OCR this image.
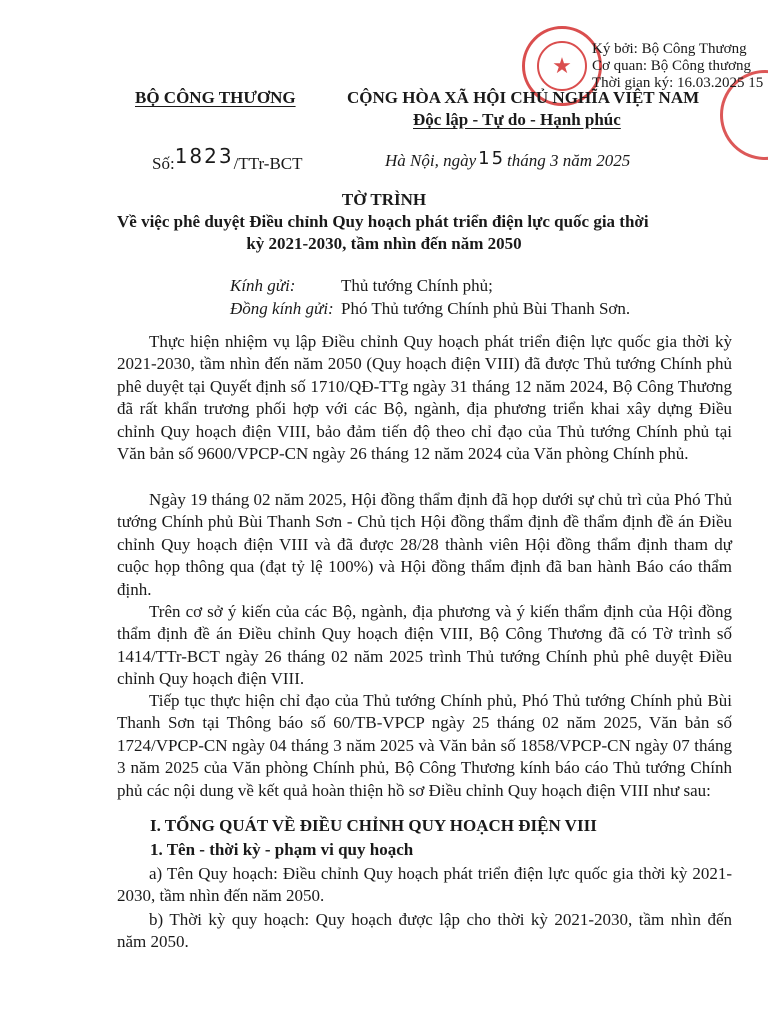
★
Ký bởi: Bộ Công Thương
Cơ quan: Bộ Công thương
Thời gian ký: 16.03.2025 15
BỘ CÔNG THƯƠNG	CỘNG HÒA XÃ HỘI CHỦ NGHĨA VIỆT NAM
Độc lập - Tự do - Hạnh phúc
Số:1823/TTr-BCT	Hà Nội, ngày 15 tháng 3 năm 2025
TỜ TRÌNH
Về việc phê duyệt Điều chỉnh Quy hoạch phát triển điện lực quốc gia thời
kỳ 2021-2030, tầm nhìn đến năm 2050
Kính gửi:	Thủ tướng Chính phủ;
Đồng kính gửi: Phó Thủ tướng Chính phủ Bùi Thanh Sơn.

Thực hiện nhiệm vụ lập Điều chỉnh Quy hoạch phát triển điện lực quốc gia thời kỳ 2021-2030, tầm nhìn đến năm 2050 (Quy hoạch điện VIII) đã được Thủ tướng Chính phủ phê duyệt tại Quyết định số 1710/QĐ-TTg ngày 31 tháng 12 năm 2024, Bộ Công Thương đã rất khẩn trương phối hợp với các Bộ, ngành, địa phương triển khai xây dựng Điều chỉnh Quy hoạch điện VIII, bảo đảm tiến độ theo chỉ đạo của Thủ tướng Chính phủ tại Văn bản số 9600/VPCP-CN ngày 26 tháng 12 năm 2024 của Văn phòng Chính phủ.

Ngày 19 tháng 02 năm 2025, Hội đồng thẩm định đã họp dưới sự chủ trì của Phó Thủ tướng Chính phủ Bùi Thanh Sơn - Chủ tịch Hội đồng thẩm định đề thẩm định đề án Điều chỉnh Quy hoạch điện VIII và đã được 28/28 thành viên Hội đồng thẩm định tham dự cuộc họp thông qua (đạt tỷ lệ 100%) và Hội đồng thẩm định đã ban hành Báo cáo thẩm định.

Trên cơ sở ý kiến của các Bộ, ngành, địa phương và ý kiến thẩm định của Hội đồng thẩm định đề án Điều chỉnh Quy hoạch điện VIII, Bộ Công Thương đã có Tờ trình số 1414/TTr-BCT ngày 26 tháng 02 năm 2025 trình Thủ tướng Chính phủ phê duyệt Điều chỉnh Quy hoạch điện VIII.

Tiếp tục thực hiện chỉ đạo của Thủ tướng Chính phủ, Phó Thủ tướng Chính phủ Bùi Thanh Sơn tại Thông báo số 60/TB-VPCP ngày 25 tháng 02 năm 2025, Văn bản số 1724/VPCP-CN ngày 04 tháng 3 năm 2025 và Văn bản số 1858/VPCP-CN ngày 07 tháng 3 năm 2025 của Văn phòng Chính phủ, Bộ Công Thương kính báo cáo Thủ tướng Chính phủ các nội dung về kết quả hoàn thiện hồ sơ Điều chỉnh Quy hoạch điện VIII như sau:

I. TỔNG QUÁT VỀ ĐIỀU CHỈNH QUY HOẠCH ĐIỆN VIII
1. Tên - thời kỳ - phạm vi quy hoạch

a) Tên Quy hoạch: Điều chỉnh Quy hoạch phát triển điện lực quốc gia thời kỳ 2021-2030, tầm nhìn đến năm 2050.

b) Thời kỳ quy hoạch: Quy hoạch được lập cho thời kỳ 2021-2030, tầm nhìn đến năm 2050.
